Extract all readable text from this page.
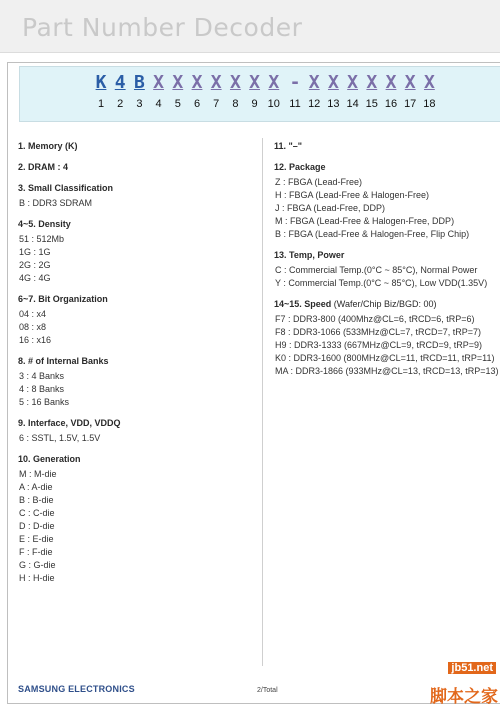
Part Number Decoder
K
1
4
2
B
3
X
4
X
5
X
6
X
7
X
8
X
9
X
10
-
11
X
12
X
13
X
14
X
15
X
16
X
17
X
18
1. Memory (K)
2. DRAM : 4
3. Small Classification
B : DDR3 SDRAM
4~5. Density
51 : 512Mb
1G : 1G
2G : 2G
4G : 4G
6~7. Bit Organization
04 : x4
08 : x8
16 : x16
8. # of Internal Banks
3 : 4 Banks
4 : 8 Banks
5 : 16 Banks
9. Interface, VDD, VDDQ
6 : SSTL, 1.5V, 1.5V
10. Generation
M : M-die
A : A-die
B : B-die
C : C-die
D : D-die
E : E-die
F : F-die
G : G-die
H : H-die
11. "–"
12. Package
Z : FBGA (Lead-Free)
H : FBGA (Lead-Free & Halogen-Free)
J : FBGA (Lead-Free, DDP)
M : FBGA (Lead-Free & Halogen-Free, DDP)
B : FBGA (Lead-Free & Halogen-Free, Flip Chip)
13. Temp, Power
C : Commercial Temp.(0°C ~ 85°C), Normal Power
Y : Commercial Temp.(0°C ~ 85°C), Low VDD(1.35V)
14~15. Speed (Wafer/Chip Biz/BGD: 00)
F7 : DDR3-800 (400Mhz@CL=6, tRCD=6, tRP=6)
F8 : DDR3-1066 (533MHz@CL=7, tRCD=7, tRP=7)
H9 : DDR3-1333 (667MHz@CL=9, tRCD=9, tRP=9)
K0 : DDR3-1600 (800MHz@CL=11, tRCD=11, tRP=11)
MA : DDR3-1866 (933MHz@CL=13, tRCD=13, tRP=13)
SAMSUNG ELECTRONICS	2/Total
jb51.net
脚本之家
